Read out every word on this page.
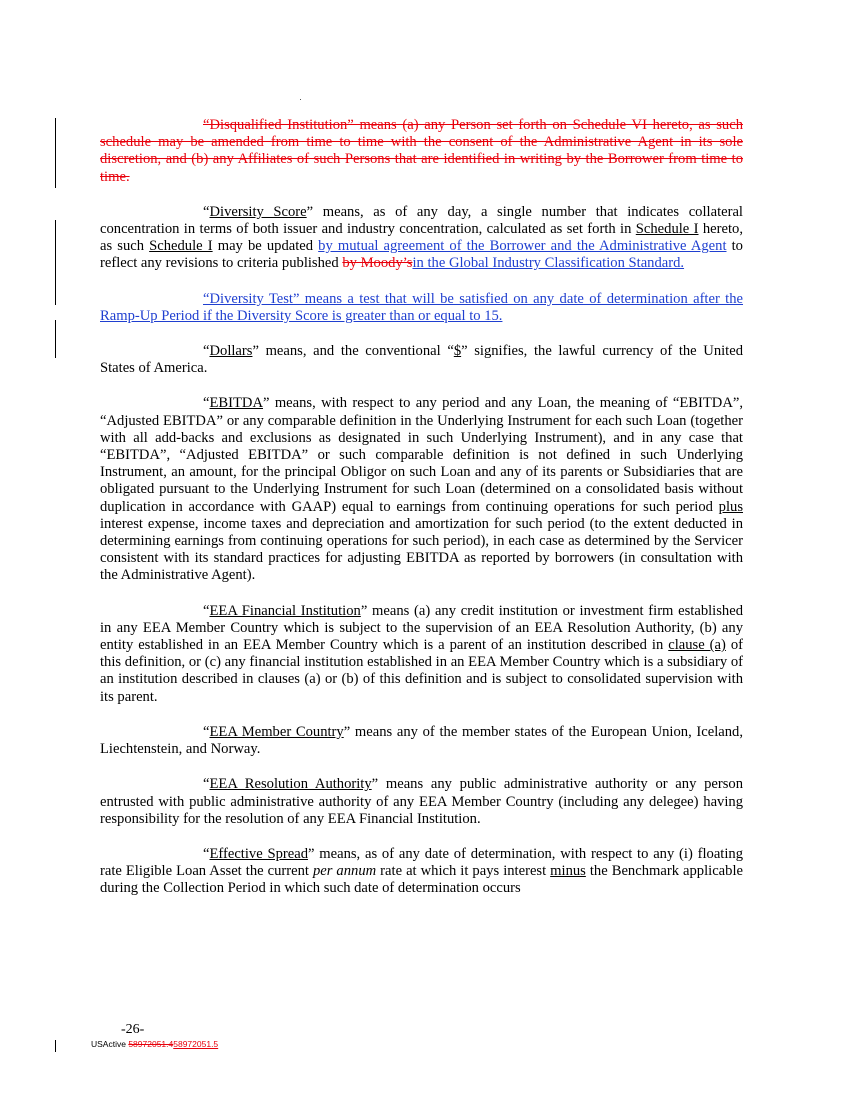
“Disqualified Institution” means (a) any Person set forth on Schedule VI hereto, as such schedule may be amended from time to time with the consent of the Administrative Agent in its sole discretion, and (b) any Affiliates of such Persons that are identified in writing by the Borrower from time to time.

“Diversity Score” means, as of any day, a single number that indicates collateral concentration in terms of both issuer and industry concentration, calculated as set forth in Schedule I hereto, as such Schedule I may be updated by mutual agreement of the Borrower and the Administrative Agent to reflect any revisions to criteria published by Moody’sin the Global Industry Classification Standard.

“Diversity Test” means a test that will be satisfied on any date of determination after the Ramp-Up Period if the Diversity Score is greater than or equal to 15.

“Dollars” means, and the conventional “$” signifies, the lawful currency of the United States of America.

“EBITDA” means, with respect to any period and any Loan, the meaning of “EBITDA”, “Adjusted EBITDA” or any comparable definition in the Underlying Instrument for each such Loan (together with all add-backs and exclusions as designated in such Underlying Instrument), and in any case that “EBITDA”, “Adjusted EBITDA” or such comparable definition is not defined in such Underlying Instrument, an amount, for the principal Obligor on such Loan and any of its parents or Subsidiaries that are obligated pursuant to the Underlying Instrument for such Loan (determined on a consolidated basis without duplication in accordance with GAAP) equal to earnings from continuing operations for such period plus interest expense, income taxes and depreciation and amortization for such period (to the extent deducted in determining earnings from continuing operations for such period), in each case as determined by the Servicer consistent with its standard practices for adjusting EBITDA as reported by borrowers (in consultation with the Administrative Agent).

“EEA Financial Institution” means (a) any credit institution or investment firm established in any EEA Member Country which is subject to the supervision of an EEA Resolution Authority, (b) any entity established in an EEA Member Country which is a parent of an institution described in clause (a) of this definition, or (c) any financial institution established in an EEA Member Country which is a subsidiary of an institution described in clauses (a) or (b) of this definition and is subject to consolidated supervision with its parent.

“EEA Member Country” means any of the member states of the European Union, Iceland, Liechtenstein, and Norway.

“EEA Resolution Authority” means any public administrative authority or any person entrusted with public administrative authority of any EEA Member Country (including any delegee) having responsibility for the resolution of any EEA Financial Institution.

“Effective Spread” means, as of any date of determination, with respect to any (i) floating rate Eligible Loan Asset the current per annum rate at which it pays interest minus the Benchmark applicable during the Collection Period in which such date of determination occurs

-26-
USActive 58972051.458972051.5
